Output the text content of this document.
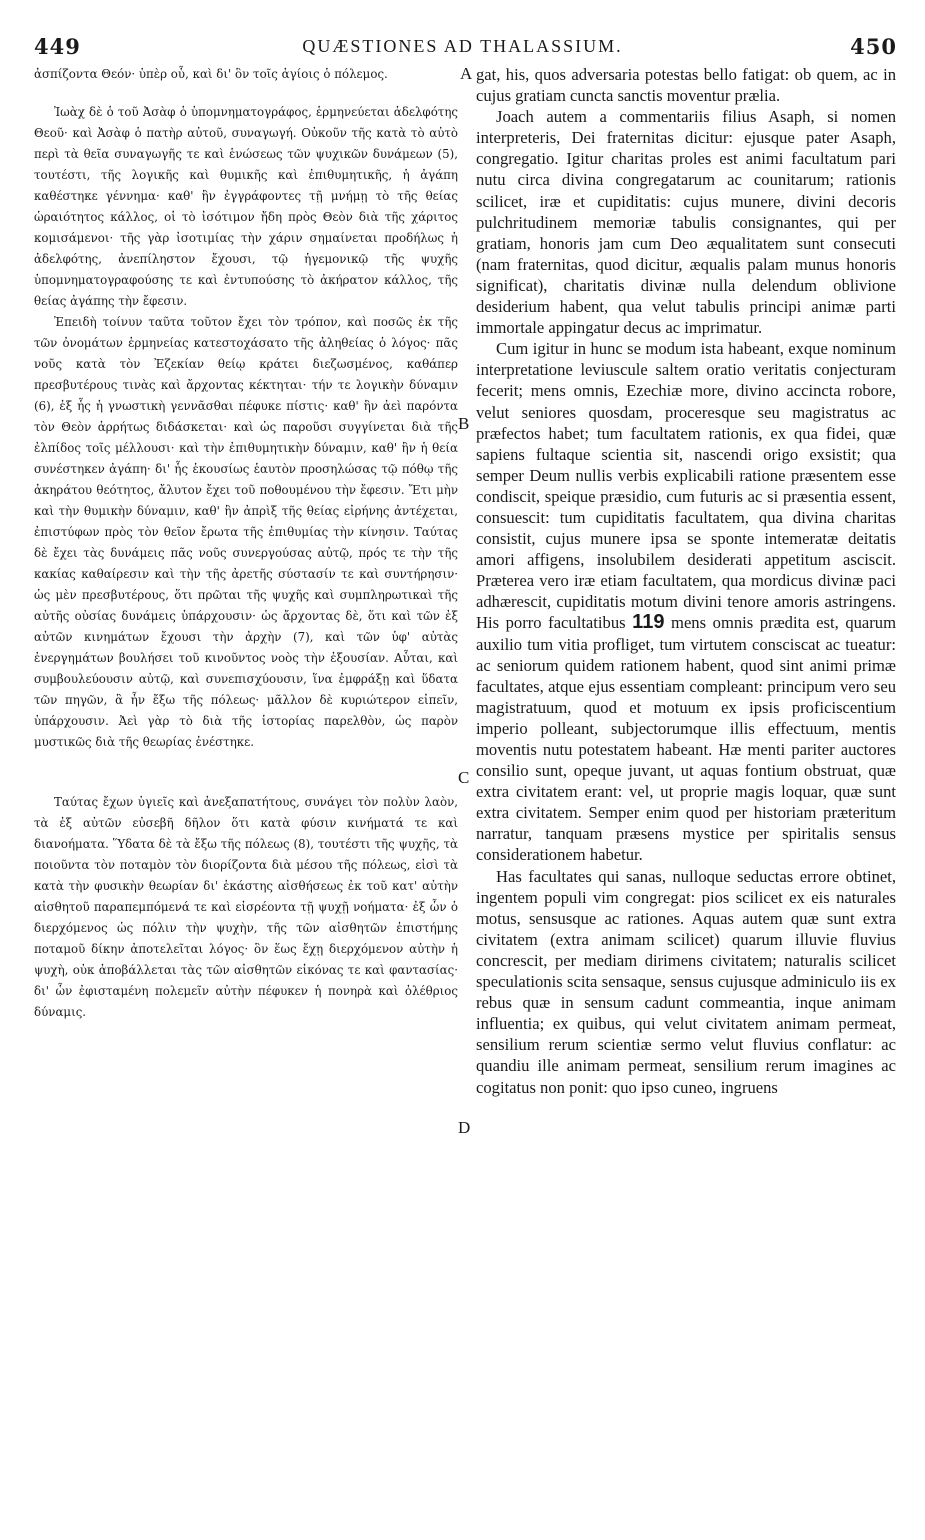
449	QUÆSTIONES AD THALASSIUM.	450

ἀσπίζοντα Θεόν· ὑπὲρ οὗ, καὶ δι' ὃν τοῖς ἁγίοις ὁ πόλεμος.

Ἰωὰχ δὲ ὁ τοῦ Ἀσὰφ ὁ ὑπομνηματογράφος, ἑρμηνεύεται ἀδελφότης Θεοῦ· καὶ Ἀσὰφ ὁ πατὴρ αὐτοῦ, συναγωγή. Οὐκοῦν τῆς κατὰ τὸ αὐτὸ περὶ τὰ θεῖα συναγωγῆς τε καὶ ἑνώσεως τῶν ψυχικῶν δυνάμεων (5), τουτέστι, τῆς λογικῆς καὶ θυμικῆς καὶ ἐπιθυμητικῆς, ἡ ἀγάπη καθέστηκε γέννημα· καθ' ἣν ἐγγράφοντες τῇ μνήμῃ τὸ τῆς θείας ὡραιότητος κάλλος, οἱ τὸ ἰσότιμον ἤδη πρὸς Θεὸν διὰ τῆς χάριτος κομισάμενοι· τῆς γὰρ ἰσοτιμίας τὴν χάριν σημαίνεται προδήλως ἡ ἀδελφότης, ἀνεπίληστον ἔχουσι, τῷ ἡγεμονικῷ τῆς ψυχῆς ὑπομνηματογραφούσης τε καὶ ἐντυπούσης τὸ ἀκήρατον κάλλος, τῆς θείας ἀγάπης τὴν ἔφεσιν.

Ἐπειδὴ τοίνυν ταῦτα τοῦτον ἔχει τὸν τρόπον, καὶ ποσῶς ἐκ τῆς τῶν ὀνομάτων ἑρμηνείας κατεστοχάσατο τῆς ἀληθείας ὁ λόγος· πᾶς νοῦς κατὰ τὸν Ἐζεκίαν θείῳ κράτει διεζωσμένος, καθάπερ πρεσβυτέρους τινὰς καὶ ἄρχοντας κέκτηται· τήν τε λογικὴν δύναμιν (6), ἐξ ἧς ἡ γνωστικὴ γεννᾶσθαι πέφυκε πίστις· καθ' ἣν ἀεὶ παρόντα τὸν Θεὸν ἀρρήτως διδάσκεται· καὶ ὡς παροῦσι συγγίνεται διὰ τῆς ἐλπίδος τοῖς μέλλουσι· καὶ τὴν ἐπιθυμητικὴν δύναμιν, καθ' ἣν ἡ θεία συνέστηκεν ἀγάπη· δι' ἧς ἑκουσίως ἑαυτὸν προσηλώσας τῷ πόθῳ τῆς ἀκηράτου θεότητος, ἄλυτον ἔχει τοῦ ποθουμένου τὴν ἔφεσιν. Ἔτι μὴν καὶ τὴν θυμικὴν δύναμιν, καθ' ἣν ἀπρὶξ τῆς θείας εἰρήνης ἀντέχεται, ἐπιστύφων πρὸς τὸν θεῖον ἔρωτα τῆς ἐπιθυμίας τὴν κίνησιν. Ταύτας δὲ ἔχει τὰς δυνάμεις πᾶς νοῦς συνεργούσας αὐτῷ, πρός τε τὴν τῆς κακίας καθαίρεσιν καὶ τὴν τῆς ἀρετῆς σύστασίν τε καὶ συντήρησιν· ὡς μὲν πρεσβυτέρους, ὅτι πρῶται τῆς ψυχῆς καὶ συμπληρωτικαὶ τῆς αὐτῆς οὐσίας δυνάμεις ὑπάρχουσιν· ὡς ἄρχοντας δὲ, ὅτι καὶ τῶν ἐξ αὐτῶν κινημάτων ἔχουσι τὴν ἀρχὴν (7), καὶ τῶν ὑφ' αὐτὰς ἐνεργημάτων βουλήσει τοῦ κινοῦντος νοὸς τὴν ἐξουσίαν. Αὗται, καὶ συμβουλεύουσιν αὐτῷ, καὶ συνεπισχύουσιν, ἵνα ἐμφράξῃ καὶ ὕδατα τῶν πηγῶν, ἃ ἦν ἔξω τῆς πόλεως· μᾶλλον δὲ κυριώτερον εἰπεῖν, ὑπάρχουσιν. Ἀεὶ γὰρ τὸ διὰ τῆς ἱστορίας παρελθὸν, ὡς παρὸν μυστικῶς διὰ τῆς θεωρίας ἐνέστηκε.

Ταύτας ἔχων ὑγιεῖς καὶ ἀνεξαπατήτους, συνάγει τὸν πολὺν λαὸν, τὰ ἐξ αὐτῶν εὐσεβῆ δῆλον ὅτι κατὰ φύσιν κινήματά τε καὶ διανοήματα. Ὕδατα δὲ τὰ ἔξω τῆς πόλεως (8), τουτέστι τῆς ψυχῆς, τὰ ποιοῦντα τὸν ποταμὸν τὸν διορίζοντα διὰ μέσου τῆς πόλεως, εἰσὶ τὰ κατὰ τὴν φυσικὴν θεωρίαν δι' ἑκάστης αἰσθήσεως ἐκ τοῦ κατ' αὐτὴν αἰσθητοῦ παραπεμπόμενά τε καὶ εἰσρέοντα τῇ ψυχῇ νοήματα· ἐξ ὧν ὁ διερχόμενος ὡς πόλιν τὴν ψυχὴν, τῆς τῶν αἰσθητῶν ἐπιστήμης ποταμοῦ δίκην ἀποτελεῖται λόγος· ὃν ἕως ἔχῃ διερχόμενον αὐτὴν ἡ ψυχὴ, οὐκ ἀποβάλλεται τὰς τῶν αἰσθητῶν εἰκόνας τε καὶ φαντασίας· δι' ὧν ἐφισταμένη πολεμεῖν αὐτὴν πέφυκεν ἡ πονηρὰ καὶ ὀλέθριος δύναμις.

A
B
C
D

gat, his, quos adversaria potestas bello fatigat: ob quem, ac in cujus gratiam cuncta sanctis moventur prælia.

Joach autem a commentariis filius Asaph, si nomen interpreteris, Dei fraternitas dicitur: ejusque pater Asaph, congregatio. Igitur charitas proles est animi facultatum pari nutu circa divina congregatarum ac counitarum; rationis scilicet, iræ et cupiditatis: cujus munere, divini decoris pulchritudinem memoriæ tabulis consignantes, qui per gratiam, honoris jam cum Deo æqualitatem sunt consecuti (nam fraternitas, quod dicitur, æqualis palam munus honoris significat), charitatis divinæ nulla delendum oblivione desiderium habent, qua velut tabulis principi animæ parti immortale appingatur decus ac imprimatur.

Cum igitur in hunc se modum ista habeant, exque nominum interpretatione leviuscule saltem oratio veritatis conjecturam fecerit; mens omnis, Ezechiæ more, divino accincta robore, velut seniores quosdam, proceresque seu magistratus ac præfectos habet; tum facultatem rationis, ex qua fidei, quæ sapiens fultaque scientia sit, nascendi origo exsistit; qua semper Deum nullis verbis explicabili ratione præsentem esse condiscit, speique præsidio, cum futuris ac si præsentia essent, consuescit: tum cupiditatis facultatem, qua divina charitas consistit, cujus munere ipsa se sponte intemeratæ deitatis amori affigens, insolubilem desiderati appetitum asciscit. Præterea vero iræ etiam facultatem, qua mordicus divinæ paci adhærescit, cupiditatis motum divini tenore amoris astringens. His porro facultatibus 119 mens omnis prædita est, quarum auxilio tum vitia profliget, tum virtutem consciscat ac tueatur: ac seniorum quidem rationem habent, quod sint animi primæ facultates, atque ejus essentiam compleant: principum vero seu magistratuum, quod et motuum ex ipsis proficiscentium imperio polleant, subjectorumque illis effectuum, mentis moventis nutu potestatem habeant. Hæ menti pariter auctores consilio sunt, opeque juvant, ut aquas fontium obstruat, quæ extra civitatem erant: vel, ut proprie magis loquar, quæ sunt extra civitatem. Semper enim quod per historiam præteritum narratur, tanquam præsens mystice per spiritalis sensus considerationem habetur.

Has facultates qui sanas, nulloque seductas errore obtinet, ingentem populi vim congregat: pios scilicet ex eis naturales motus, sensusque ac rationes. Aquas autem quæ sunt extra civitatem (extra animam scilicet) quarum illuvie fluvius concrescit, per mediam dirimens civitatem; naturalis scilicet speculationis scita sensaque, sensus cujusque adminiculo iis ex rebus quæ in sensum cadunt commeantia, inque animam influentia; ex quibus, qui velut civitatem animam permeat, sensilium rerum scientiæ sermo velut fluvius conflatur: ac quandiu ille animam permeat, sensilium rerum imagines ac cogitatus non ponit: quo ipso cuneo, ingruens
